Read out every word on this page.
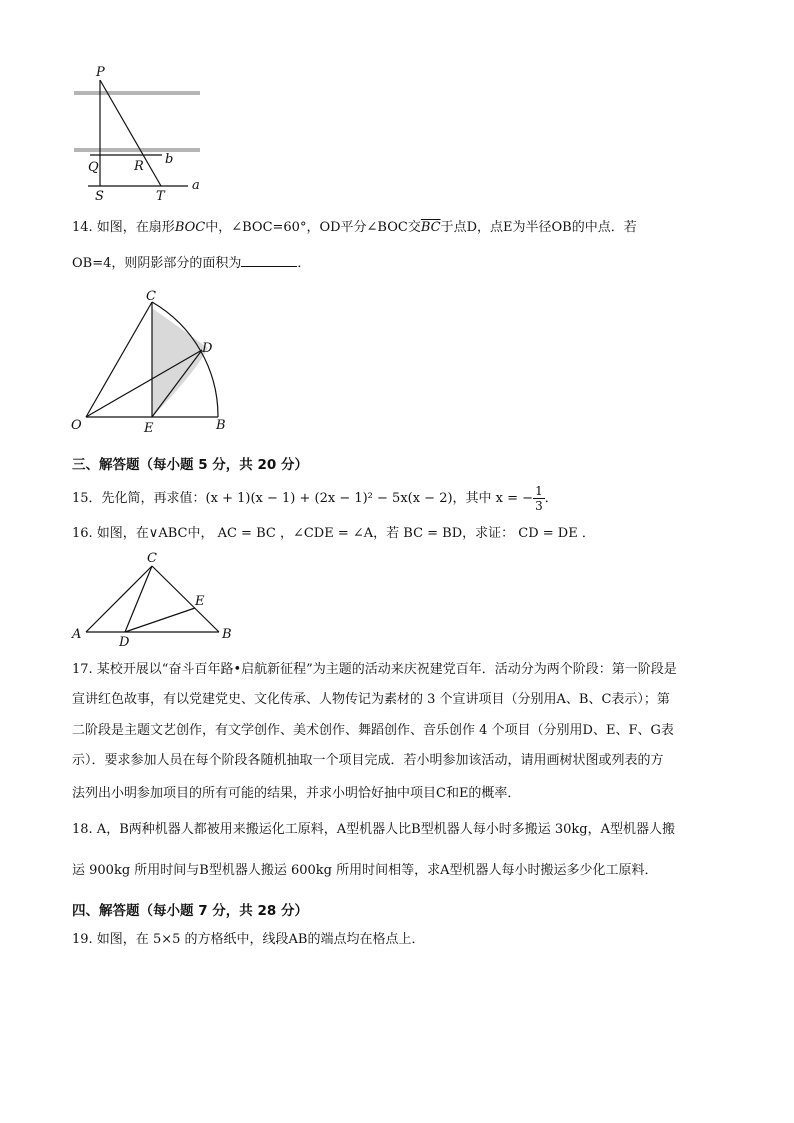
P
Q	R b
S	T
a
14. 如图，在扇形BOC中，∠BOC=60°，OD平分∠BOC交$\overline{BC}$于点D，点E为半径OB的中点．若
OB=4，则阴影部分的面积为	．
C
D
O	E	B
三、解答题（每小题 5 分，共 20 分）
15．先化简，再求值：(x + 1)(x − 1) + (2x − 1)² − 5x(x − 2)，其中 x = − $\frac{1}{3}$ ．
16. 如图，在∨ABC中， AC = BC ，∠CDE = ∠A，若 BC = BD，求证： CD = DE ．
C
E
A
D
B
17. 某校开展以“奋斗百年路•启航新征程”为主题的活动来庆祝建党百年．活动分为两个阶段：第一阶段是
宣讲红色故事，有以党建党史、文化传承、人物传记为素材的 3 个宣讲项目（分别用A、B、C表示）；第
二阶段是主题文艺创作，有文学创作、美术创作、舞蹈创作、音乐创作 4 个项目（分别用D、E、F、G表
示）．要求参加人员在每个阶段各随机抽取一个项目完成．若小明参加该活动，请用画树状图或列表的方
法列出小明参加项目的所有可能的结果，并求小明恰好抽中项目C和E的概率．
18. A，B两种机器人都被用来搬运化工原料，A型机器人比B型机器人每小时多搬运 30kg，A型机器人搬
运 900kg 所用时间与B型机器人搬运 600kg 所用时间相等，求A型机器人每小时搬运多少化工原料．
四、解答题（每小题 7 分，共 28 分）
19. 如图，在 5×5 的方格纸中，线段AB的端点均在格点上．
